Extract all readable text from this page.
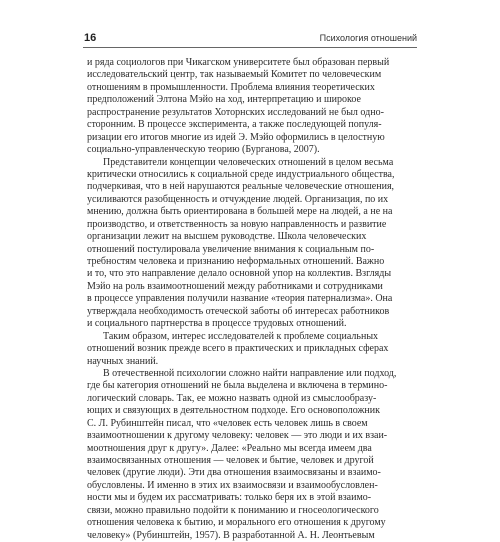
16	Психология отношений
и ряда социологов при Чикагском университете был образован первый
исследовательский центр, так называемый Комитет по человеческим
отношениям в промышленности. Проблема влияния теоретических
предположений Элтона Мэйо на ход, интерпретацию и широкое
распространение результатов Хоторнских исследований не был одно-
сторонним. В процессе эксперимента, а также последующей популя-
ризации его итогов многие из идей Э. Мэйо оформились в целостную
социально-управленческую теорию (Бурганова, 2007).
Представители концепции человеческих отношений в целом весьма
критически относились к социальной среде индустриального общества,
подчеркивая, что в ней нарушаются реальные человеческие отношения,
усиливаются разобщенность и отчуждение людей. Организация, по их
мнению, должна быть ориентирована в большей мере на людей, а не на
производство, и ответственность за новую направленность и развитие
организации лежит на высшем руководстве. Школа человеческих
отношений постулировала увеличение внимания к социальным по-
требностям человека и признанию неформальных отношений. Важно
и то, что это направление делало основной упор на коллектив. Взгляды
Мэйо на роль взаимоотношений между работниками и сотрудниками
в процессе управления получили название «теория патернализма». Она
утверждала необходимость отеческой заботы об интересах работников
и социального партнерства в процессе трудовых отношений.
Таким образом, интерес исследователей к проблеме социальных
отношений возник прежде всего в практических и прикладных сферах
научных знаний.
В отечественной психологии сложно найти направление или подход,
где бы категория отношений не была выделена и включена в термино-
логический словарь. Так, ее можно назвать одной из смыслообразу-
ющих и связующих в деятельностном подходе. Его основоположник
С. Л. Рубинштейн писал, что «человек есть человек лишь в своем
взаимоотношении к другому человеку: человек — это люди и их взаи-
моотношения друг к другу». Далее: «Реально мы всегда имеем два
взаимосвязанных отношения — человек и бытие, человек и другой
человек (другие люди). Эти два отношения взаимосвязаны и взаимо-
обусловлены. И именно в этих их взаимосвязи и взаимообусловлен-
ности мы и будем их рассматривать: только беря их в этой взаимо-
связи, можно правильно подойти к пониманию и гносеологического
отношения человека к бытию, и морального его отношения к другому
человеку» (Рубинштейн, 1957). В разработанной А. Н. Леонтьевым
